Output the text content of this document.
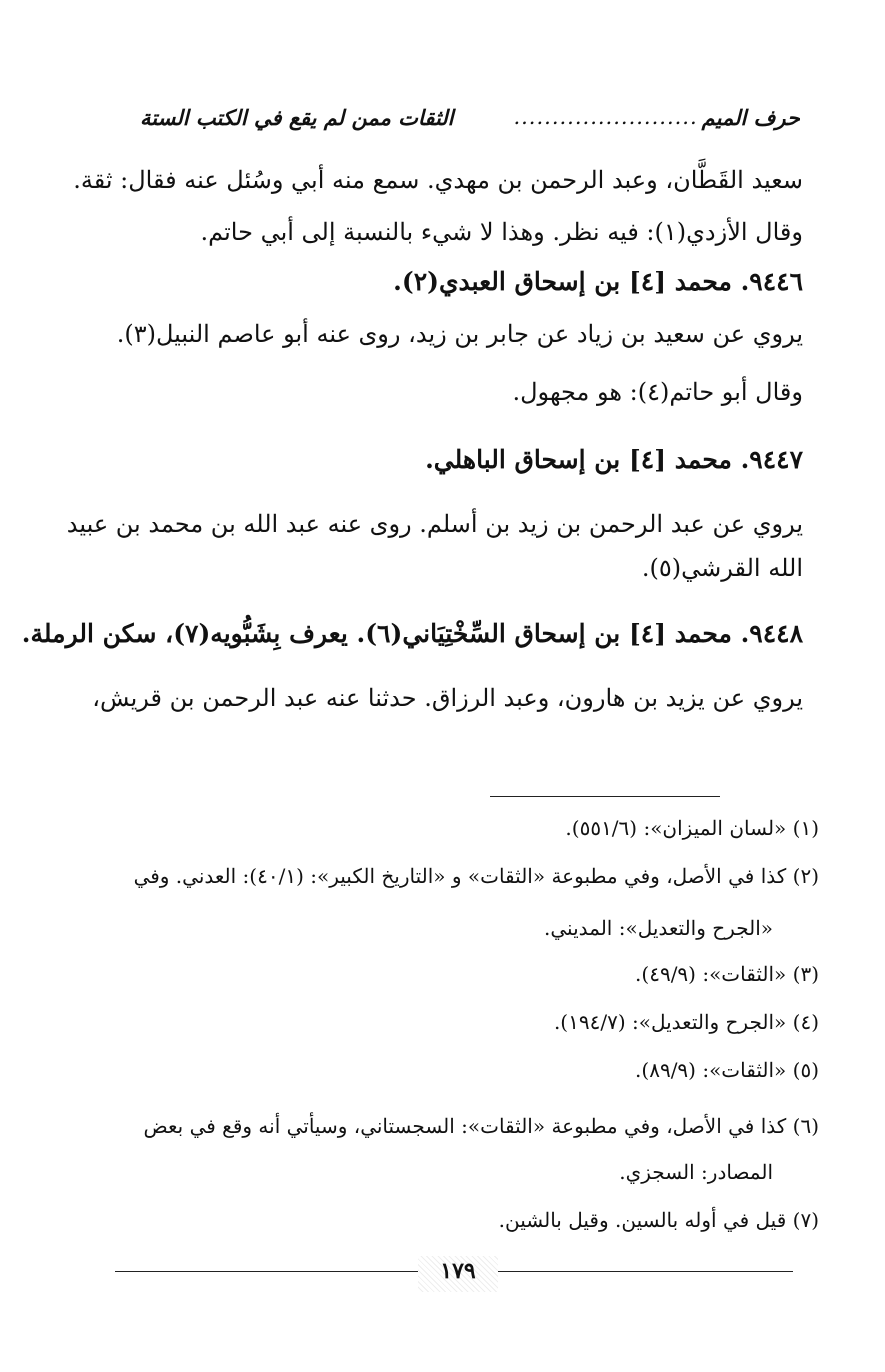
حرف الميم
........................
الثقات ممن لم يقع في الكتب الستة
سعيد القَطَّان، وعبد الرحمن بن مهدي. سمع منه أبي وسُئل عنه فقال: ثقة.
وقال الأزدي(١): فيه نظر. وهذا لا شيء بالنسبة إلى أبي حاتم.
٩٤٤٦. محمد [٤] بن إسحاق العبدي(٢).
يروي عن سعيد بن زياد عن جابر بن زيد، روى عنه أبو عاصم النبيل(٣).
وقال أبو حاتم(٤): هو مجهول.
٩٤٤٧. محمد [٤] بن إسحاق الباهلي.
يروي عن عبد الرحمن بن زيد بن أسلم. روى عنه عبد الله بن محمد بن عبيد
الله القرشي(٥).
٩٤٤٨. محمد [٤] بن إسحاق السِّخْتِيَاني(٦). يعرف بِشَبُّويه(٧)، سكن الرملة.
يروي عن يزيد بن هارون، وعبد الرزاق. حدثنا عنه عبد الرحمن بن قريش،
(١) «لسان الميزان»: (٥٥١/٦).
(٢) كذا في الأصل، وفي مطبوعة «الثقات» و «التاريخ الكبير»: (٤٠/١): العدني. وفي
«الجرح والتعديل»: المديني.
(٣) «الثقات»: (٤٩/٩).
(٤) «الجرح والتعديل»: (١٩٤/٧).
(٥) «الثقات»: (٨٩/٩).
(٦) كذا في الأصل، وفي مطبوعة «الثقات»: السجستاني، وسيأتي أنه وقع في بعض
المصادر: السجزي.
(٧) قيل في أوله بالسين. وقيل بالشين.
١٧٩
